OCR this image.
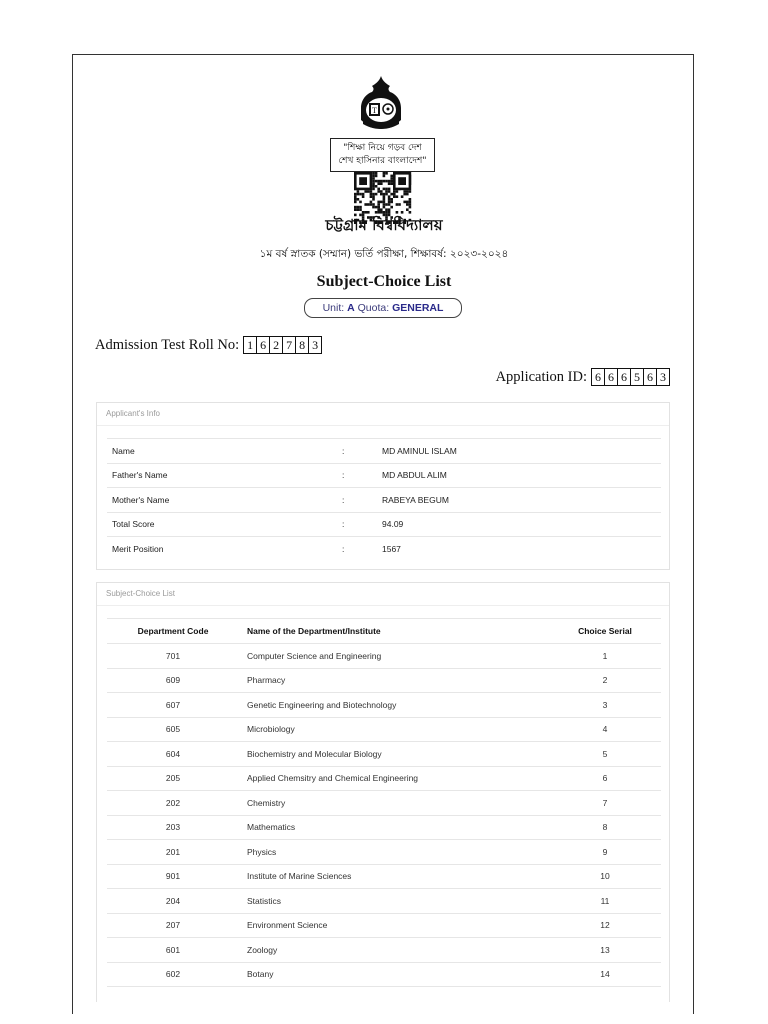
T
"শিক্ষা নিয়ে গড়ব দেশ
শেখ হাসিনার বাংলাদেশ"
চট্টগ্রাম বিশ্ববিদ্যালয়
১ম বর্ষ স্নাতক (সম্মান) ভর্তি পরীক্ষা, শিক্ষাবর্ষ: ২০২৩-২০২৪
Subject-Choice List
Unit: A Quota: GENERAL
Admission Test Roll No: 1 6 2 7 8 3
Application ID: 6 6 6 5 6 3
Applicant's Info
Name	:	MD AMINUL ISLAM
Father's Name	:	MD ABDUL ALIM
Mother's Name	:	RABEYA BEGUM
Total Score	:	94.09
Merit Position	:	1567
Subject-Choice List
Department Code	Name of the Department/Institute	Choice Serial
701	Computer Science and Engineering	1
609	Pharmacy	2
607	Genetic Engineering and Biotechnology	3
605	Microbiology	4
604	Biochemistry and Molecular Biology	5
205	Applied Chemsitry and Chemical Engineering	6
202	Chemistry	7
203	Mathematics	8
201	Physics	9
901	Institute of Marine Sciences	10
204	Statistics	11
207	Environment Science	12
601	Zoology	13
602	Botany	14
